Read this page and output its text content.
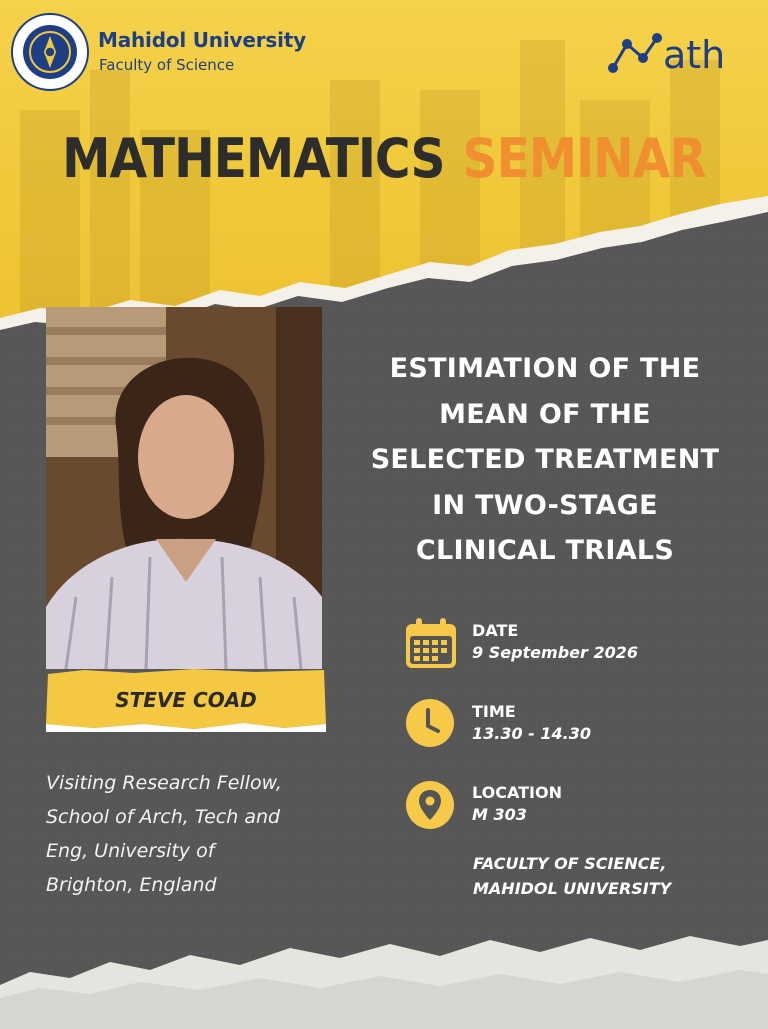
Mahidol University
Faculty of Science	ath
MATHEMATICS SEMINAR
STEVE COAD
Visiting Research Fellow,
School of Arch, Tech and
Eng, University of
Brighton, England
ESTIMATION OF THE
MEAN OF THE
SELECTED TREATMENT
IN TWO-STAGE
CLINICAL TRIALS
DATE
9 September 2026
TIME
13.30 - 14.30
LOCATION
M 303
FACULTY OF SCIENCE,
MAHIDOL UNIVERSITY
